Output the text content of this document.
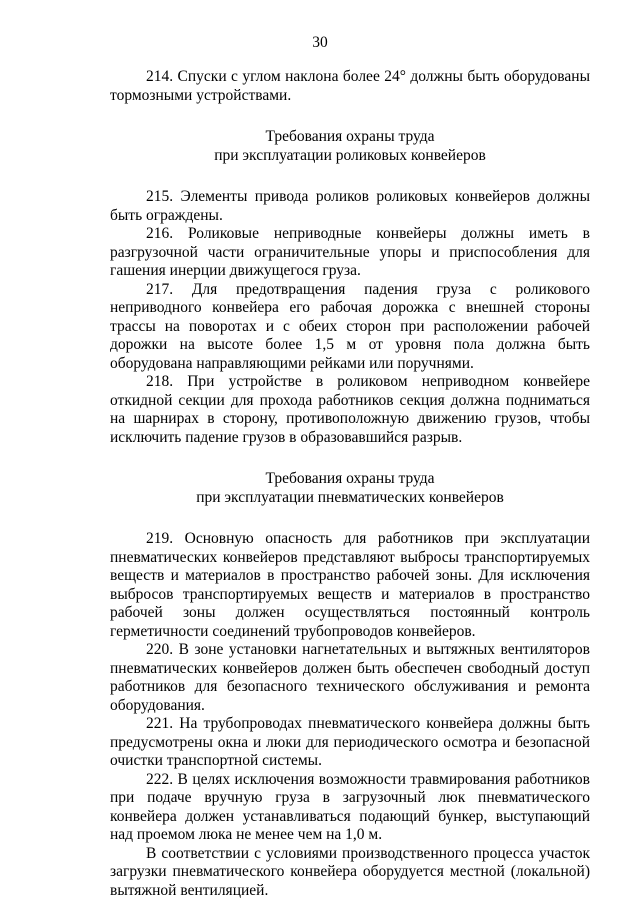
30

214. Спуски с углом наклона более 24° должны быть оборудованы тормозными устройствами.

Требования охраны труда
при эксплуатации роликовых конвейеров

215. Элементы привода роликов роликовых конвейеров должны быть ограждены.

216. Роликовые неприводные конвейеры должны иметь в разгрузочной части ограничительные упоры и приспособления для гашения инерции движущегося груза.

217. Для предотвращения падения груза с роликового неприводного конвейера его рабочая дорожка с внешней стороны трассы на поворотах и с обеих сторон при расположении рабочей дорожки на высоте более 1,5 м от уровня пола должна быть оборудована направляющими рейками или поручнями.

218. При устройстве в роликовом неприводном конвейере откидной секции для прохода работников секция должна подниматься на шарнирах в сторону, противоположную движению грузов, чтобы исключить падение грузов в образовавшийся разрыв.

Требования охраны труда
при эксплуатации пневматических конвейеров

219. Основную опасность для работников при эксплуатации пневматических конвейеров представляют выбросы транспортируемых веществ и материалов в пространство рабочей зоны. Для исключения выбросов транспортируемых веществ и материалов в пространство рабочей зоны должен осуществляться постоянный контроль герметичности соединений трубопроводов конвейеров.

220. В зоне установки нагнетательных и вытяжных вентиляторов пневматических конвейеров должен быть обеспечен свободный доступ работников для безопасного технического обслуживания и ремонта оборудования.

221. На трубопроводах пневматического конвейера должны быть предусмотрены окна и люки для периодического осмотра и безопасной очистки транспортной системы.

222. В целях исключения возможности травмирования работников при подаче вручную груза в загрузочный люк пневматического конвейера должен устанавливаться подающий бункер, выступающий над проемом люка не менее чем на 1,0 м.

В соответствии с условиями производственного процесса участок загрузки пневматического конвейера оборудуется местной (локальной) вытяжной вентиляцией.
